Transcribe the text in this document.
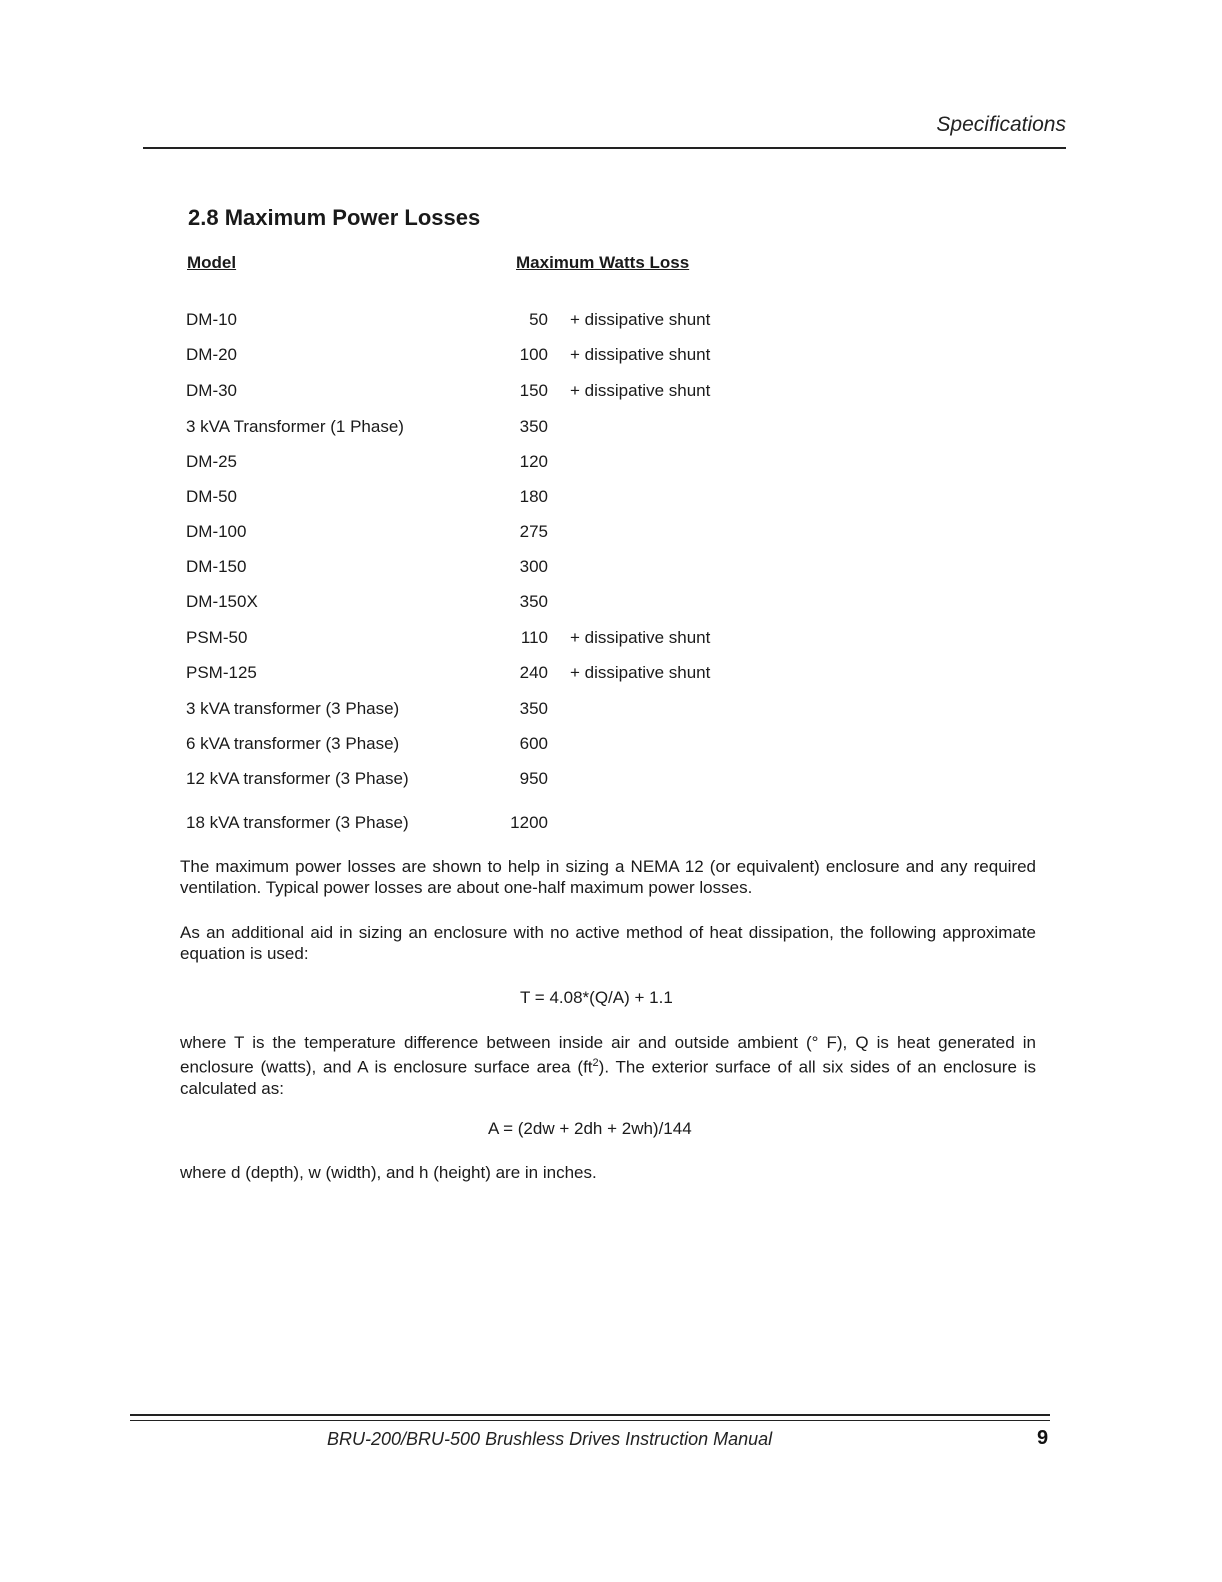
Specifications
2.8 Maximum Power Losses
Model	Maximum Watts Loss
DM-10	50 + dissipative shunt
DM-20	100 + dissipative shunt
DM-30	150 + dissipative shunt
3 kVA Transformer (1 Phase)	350
DM-25	120
DM-50	180
DM-100	275
DM-150	300
DM-150X	350
PSM-50	110 + dissipative shunt
PSM-125	240 + dissipative shunt
3 kVA transformer (3 Phase)	350
6 kVA transformer (3 Phase)	600
12 kVA transformer (3 Phase)	950
18 kVA transformer (3 Phase)	1200
The maximum power losses are shown to help in sizing a NEMA 12 (or equivalent) enclosure and any required ventilation. Typical power losses are about one-half maximum power losses.
As an additional aid in sizing an enclosure with no active method of heat dissipation, the following approximate equation is used:
T = 4.08*(Q/A) + 1.1
where T is the temperature difference between inside air and outside ambient (° F), Q is heat generated in enclosure (watts), and A is enclosure surface area $(ft^2)$. The exterior surface of all six sides of an enclosure is calculated as:
A = (2dw + 2dh + 2wh)/144
where d (depth), w (width), and h (height) are in inches.
BRU-200/BRU-500 Brushless Drives Instruction Manual	9
